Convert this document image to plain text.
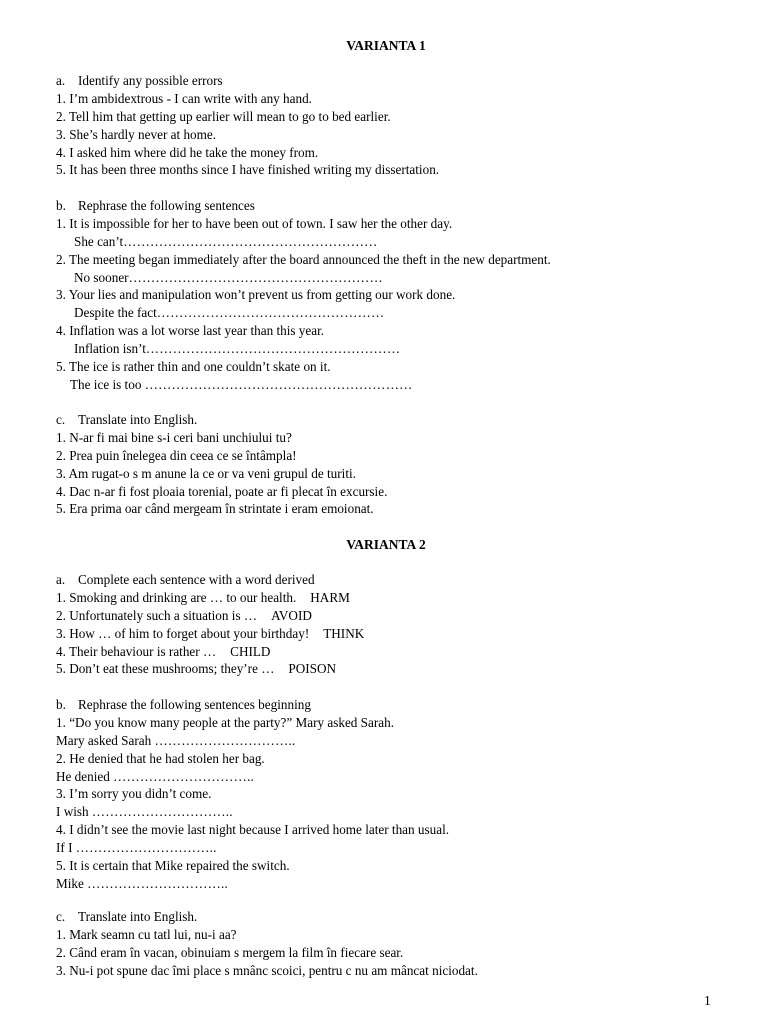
VARIANTA 1
a. Identify any possible errors
1. I’m ambidextrous - I can write with any hand.
2. Tell him that getting up earlier will mean to go to bed earlier.
3. She’s hardly never at home.
4. I asked him where did he take the money from.
5. It has been three months since I have finished writing my dissertation.
b. Rephrase the following sentences
1. It is impossible for her to have been out of town. I saw her the other day.
She can’t…………………………………………………
2. The meeting began immediately after the board announced the theft in the new department.
No sooner…………………………………………………
3. Your lies and manipulation won’t prevent us from getting our work done.
Despite the fact……………………………………………
4. Inflation was a lot worse last year than this year.
Inflation isn’t…………………………………………………
5. The ice is rather thin and one couldn’t skate on it.
The ice is too ……………………………………………………
c. Translate into English.
1. N-ar fi mai bine s-i ceri bani unchiului tu?
2. Prea puin înelegea din ceea ce se întâmpla!
3. Am rugat-o s m anune la ce or va veni grupul de turiti.
4. Dac n-ar fi fost ploaia torenial, poate ar fi plecat în excursie.
5. Era prima oar când mergeam în strintate i eram emoionat.
VARIANTA 2
a. Complete each sentence with a word derived
1. Smoking and drinking are … to our health. HARM
2. Unfortunately such a situation is … AVOID
3. How … of him to forget about your birthday! THINK
4. Their behaviour is rather … CHILD
5. Don’t eat these mushrooms; they’re … POISON
b. Rephrase the following sentences beginning
1. “Do you know many people at the party?” Mary asked Sarah.
Mary asked Sarah …………………………..
2. He denied that he had stolen her bag.
He denied …………………………..
3. I’m sorry you didn’t come.
I wish …………………………..
4. I didn’t see the movie last night because I arrived home later than usual.
If I …………………………..
5. It is certain that Mike repaired the switch.
Mike …………………………..
c. Translate into English.
1. Mark seamn cu tatl lui, nu-i aa?
2. Când eram în vacan, obinuiam s mergem la film în fiecare sear.
3. Nu-i pot spune dac îmi place s mnânc scoici, pentru c nu am mâncat niciodat.
1
